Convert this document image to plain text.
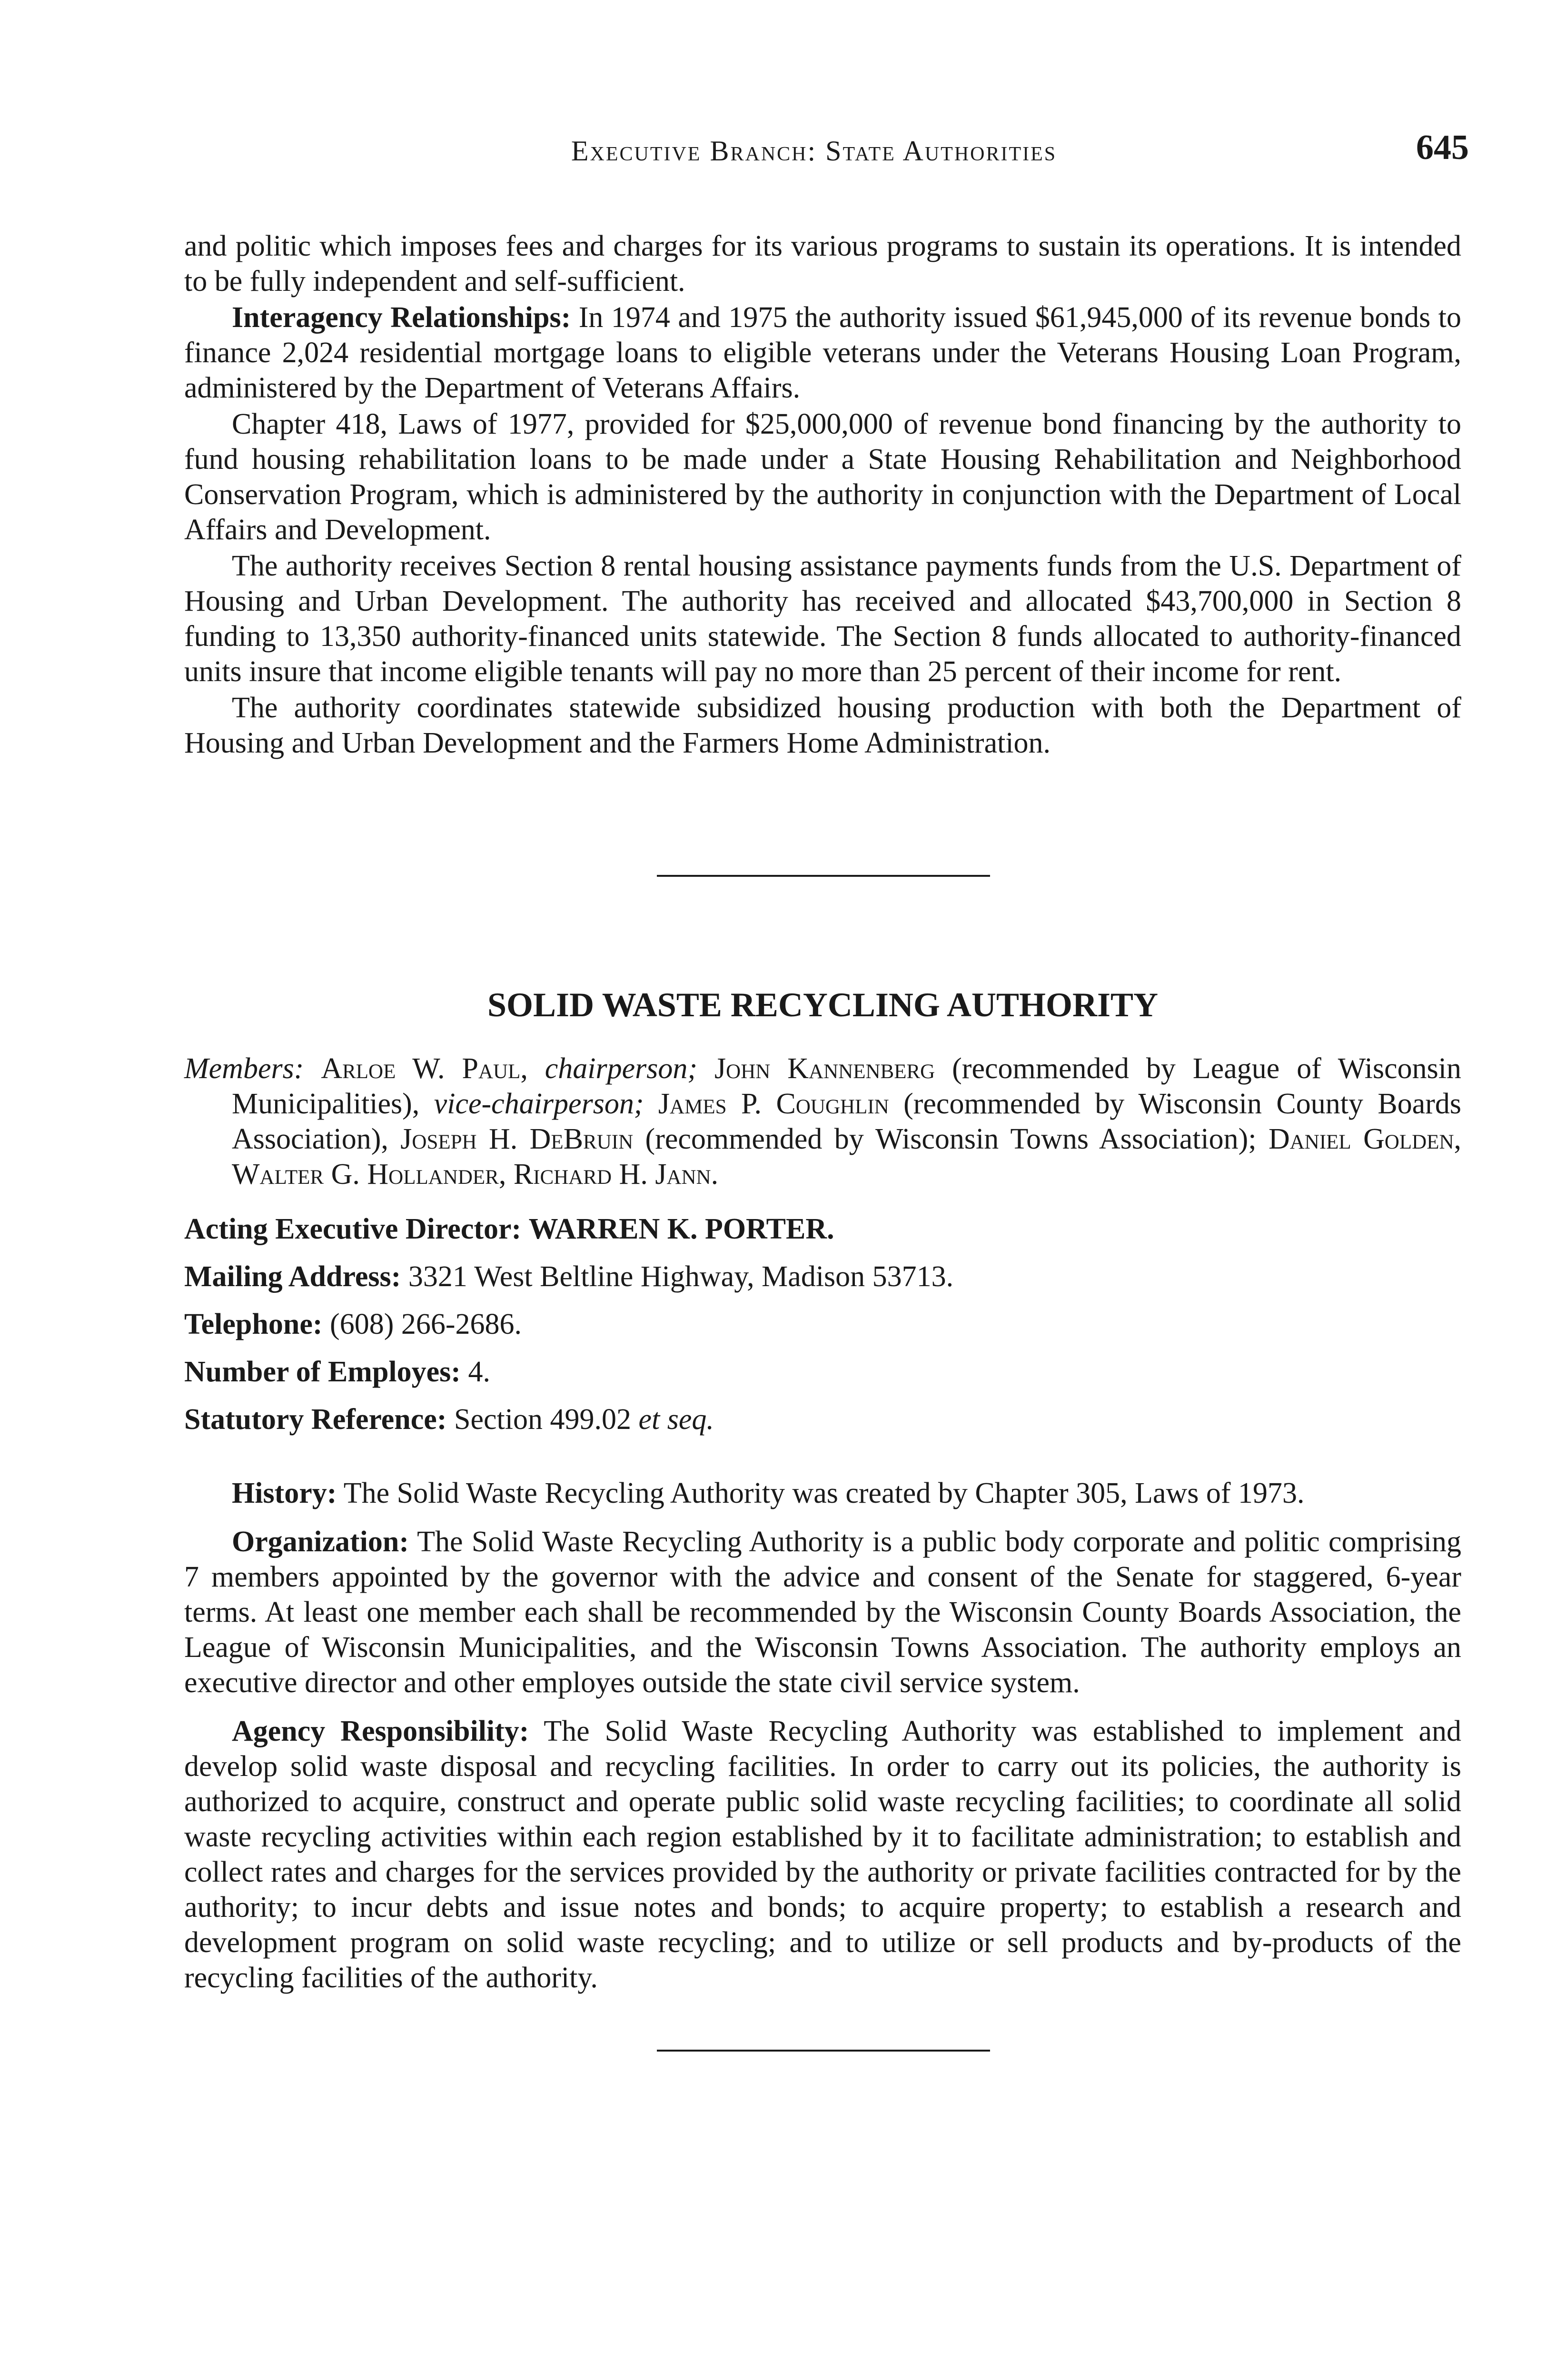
Executive Branch: State Authorities	645

and politic which imposes fees and charges for its various programs to sustain its operations. It is intended to be fully independent and self-sufficient.

Interagency Relationships: In 1974 and 1975 the authority issued $61,945,000 of its revenue bonds to finance 2,024 residential mortgage loans to eligible veterans under the Veterans Housing Loan Program, administered by the Department of Veterans Affairs.

Chapter 418, Laws of 1977, provided for $25,000,000 of revenue bond financing by the authority to fund housing rehabilitation loans to be made under a State Housing Rehabilitation and Neighborhood Conservation Program, which is administered by the authority in conjunction with the Department of Local Affairs and Development.

The authority receives Section 8 rental housing assistance payments funds from the U.S. Department of Housing and Urban Development. The authority has received and allocated $43,700,000 in Section 8 funding to 13,350 authority-financed units statewide. The Section 8 funds allocated to authority-financed units insure that income eligible tenants will pay no more than 25 percent of their income for rent.

The authority coordinates statewide subsidized housing production with both the Department of Housing and Urban Development and the Farmers Home Administration.

SOLID WASTE RECYCLING AUTHORITY
Members: Arloe W. Paul, chairperson; John Kannenberg (recommended by League of Wisconsin Municipalities), vice-chairperson; James P. Coughlin (recommended by Wisconsin County Boards Association), Joseph H. DeBruin (recommended by Wisconsin Towns Association); Daniel Golden, Walter G. Hollander, Richard H. Jann.

Acting Executive Director: WARREN K. PORTER.

Mailing Address: 3321 West Beltline Highway, Madison 53713.

Telephone: (608) 266-2686.

Number of Employes: 4.

Statutory Reference: Section 499.02 et seq.

History: The Solid Waste Recycling Authority was created by Chapter 305, Laws of 1973.

Organization: The Solid Waste Recycling Authority is a public body corporate and politic comprising 7 members appointed by the governor with the advice and consent of the Senate for staggered, 6-year terms. At least one member each shall be recommended by the Wisconsin County Boards Association, the League of Wisconsin Municipalities, and the Wisconsin Towns Association. The authority employs an executive director and other employes outside the state civil service system.

Agency Responsibility: The Solid Waste Recycling Authority was established to implement and develop solid waste disposal and recycling facilities. In order to carry out its policies, the authority is authorized to acquire, construct and operate public solid waste recycling facilities; to coordinate all solid waste recycling activities within each region established by it to facilitate administration; to establish and collect rates and charges for the services provided by the authority or private facilities contracted for by the authority; to incur debts and issue notes and bonds; to acquire property; to establish a research and development program on solid waste recycling; and to utilize or sell products and by-products of the recycling facilities of the authority.
